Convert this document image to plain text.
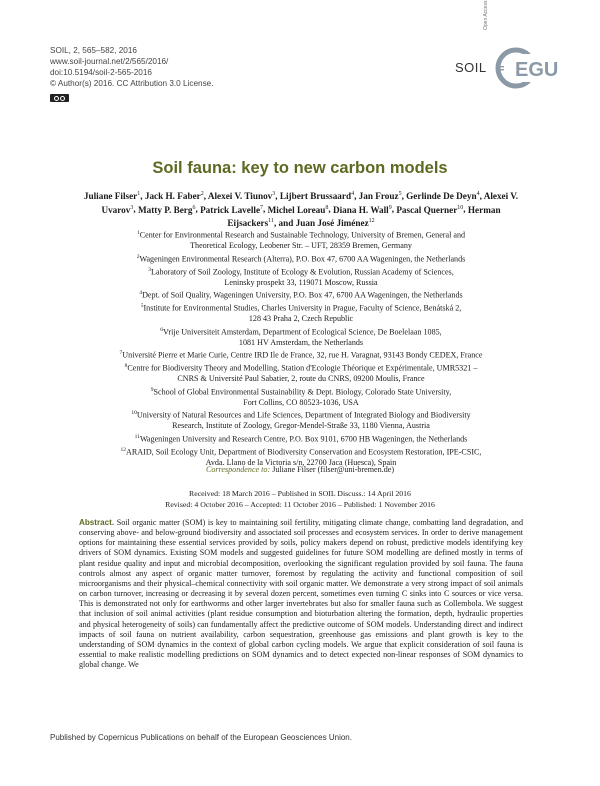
SOIL, 2, 565–582, 2016
www.soil-journal.net/2/565/2016/
doi:10.5194/soil-2-565-2016
© Author(s) 2016. CC Attribution 3.0 License.
Open Access
SOIL EGU
Soil fauna: key to new carbon models
Juliane Filser$^1$, Jack H. Faber$^2$, Alexei V. Tiunov$^3$, Lijbert Brussaard$^4$, Jan Frouz$^5$, Gerlinde De Deyn$^4$, Alexei V. Uvarov$^3$, Matty P. Berg$^6$, Patrick Lavelle$^7$, Michel Loreau$^8$, Diana H. Wall$^9$, Pascal Querner$^{10}$, Herman Eijsackers$^{11}$, and Juan José Jiménez$^{12}$
$^1$Center for Environmental Research and Sustainable Technology, University of Bremen, General and
Theoretical Ecology, Leobener Str. – UFT, 28359 Bremen, Germany
$^2$Wageningen Environmental Research (Alterra), P.O. Box 47, 6700 AA Wageningen, the Netherlands
$^3$Laboratory of Soil Zoology, Institute of Ecology & Evolution, Russian Academy of Sciences,
Leninsky prospekt 33, 119071 Moscow, Russia
$^4$Dept. of Soil Quality, Wageningen University, P.O. Box 47, 6700 AA Wageningen, the Netherlands
$^5$Institute for Environmental Studies, Charles University in Prague, Faculty of Science, Benátská 2,
128 43 Praha 2, Czech Republic
$^6$Vrije Universiteit Amsterdam, Department of Ecological Science, De Boelelaan 1085,
1081 HV Amsterdam, the Netherlands
$^7$Université Pierre et Marie Curie, Centre IRD Ile de France, 32, rue H. Varagnat, 93143 Bondy CEDEX, France
$^8$Centre for Biodiversity Theory and Modelling, Station d'Ecologie Théorique et Expérimentale, UMR5321 –
CNRS & Université Paul Sabatier, 2, route du CNRS, 09200 Moulis, France
$^9$School of Global Environmental Sustainability & Dept. Biology, Colorado State University,
Fort Collins, CO 80523-1036, USA
$^{10}$University of Natural Resources and Life Sciences, Department of Integrated Biology and Biodiversity
Research, Institute of Zoology, Gregor-Mendel-Straße 33, 1180 Vienna, Austria
$^{11}$Wageningen University and Research Centre, P.O. Box 9101, 6700 HB Wageningen, the Netherlands
$^{12}$ARAID, Soil Ecology Unit, Department of Biodiversity Conservation and Ecosystem Restoration, IPE-CSIC,
Avda. Llano de la Victoria s/n, 22700 Jaca (Huesca), Spain
Correspondence to: Juliane Filser (filser@uni-bremen.de)
Received: 18 March 2016 – Published in SOIL Discuss.: 14 April 2016
Revised: 4 October 2016 – Accepted: 11 October 2016 – Published: 1 November 2016
Abstract. Soil organic matter (SOM) is key to maintaining soil fertility, mitigating climate change, combatting land degradation, and conserving above- and below-ground biodiversity and associated soil processes and ecosystem services. In order to derive management options for maintaining these essential services provided by soils, policy makers depend on robust, predictive models identifying key drivers of SOM dynamics. Existing SOM models and suggested guidelines for future SOM modelling are defined mostly in terms of plant residue quality and input and microbial decomposition, overlooking the significant regulation provided by soil fauna. The fauna controls almost any aspect of organic matter turnover, foremost by regulating the activity and functional composition of soil microorganisms and their physical–chemical connectivity with soil organic matter. We demonstrate a very strong impact of soil animals on carbon turnover, increasing or decreasing it by several dozen percent, sometimes even turning C sinks into C sources or vice versa. This is demonstrated not only for earthworms and other larger invertebrates but also for smaller fauna such as Collembola. We suggest that inclusion of soil animal activities (plant residue consumption and bioturbation altering the formation, depth, hydraulic properties and physical heterogeneity of soils) can fundamentally affect the predictive outcome of SOM models. Understanding direct and indirect impacts of soil fauna on nutrient availability, carbon sequestration, greenhouse gas emissions and plant growth is key to the understanding of SOM dynamics in the context of global carbon cycling models. We argue that explicit consideration of soil fauna is essential to make realistic modelling predictions on SOM dynamics and to detect expected non-linear responses of SOM dynamics to global change. We
Published by Copernicus Publications on behalf of the European Geosciences Union.
